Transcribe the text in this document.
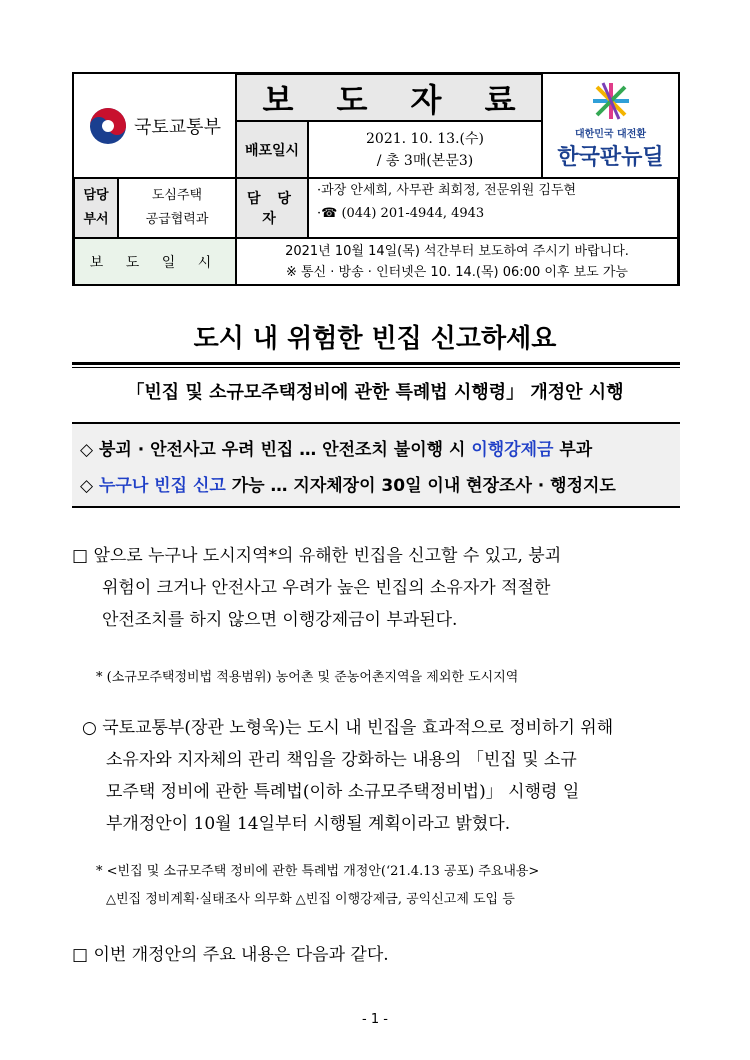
국토교통부
보 도 자 료
대한민국 대전환
한국판뉴딜
배포일시
2021. 10. 13.(수)
/ 총 3매(본문3)
담당
부서
도심주택
공급협력과
담 당 자
·과장 안세희, 사무관 최회정, 전문위원 김두현
·☎ (044) 201-4944, 4943
보 도 일 시
2021년 10월 14일(목) 석간부터 보도하여 주시기 바랍니다.
※ 통신 · 방송 · 인터넷은 10. 14.(목) 06:00 이후 보도 가능
도시 내 위험한 빈집 신고하세요
「빈집 및 소규모주택정비에 관한 특례법 시행령」 개정안 시행
◇ 붕괴 · 안전사고 우려 빈집 … 안전조치 불이행 시 이행강제금 부과
◇ 누구나 빈집 신고 가능 … 지자체장이 30일 이내 현장조사 · 행정지도
□ 앞으로 누구나 도시지역*의 유해한 빈집을 신고할 수 있고, 붕괴
위험이 크거나 안전사고 우려가 높은 빈집의 소유자가 적절한
안전조치를 하지 않으면 이행강제금이 부과된다.
* (소규모주택정비법 적용범위) 농어촌 및 준농어촌지역을 제외한 도시지역
○ 국토교통부(장관 노형욱)는 도시 내 빈집을 효과적으로 정비하기 위해
소유자와 지자체의 관리 책임을 강화하는 내용의 「빈집 및 소규
모주택 정비에 관한 특례법(이하 소규모주택정비법)」 시행령 일
부개정안이 10월 14일부터 시행될 계획이라고 밝혔다.
* <빈집 및 소규모주택 정비에 관한 특례법 개정안(‘21.4.13 공포) 주요내용>
△빈집 정비계획·실태조사 의무화 △빈집 이행강제금, 공익신고제 도입 등
□ 이번 개정안의 주요 내용은 다음과 같다.
- 1 -
